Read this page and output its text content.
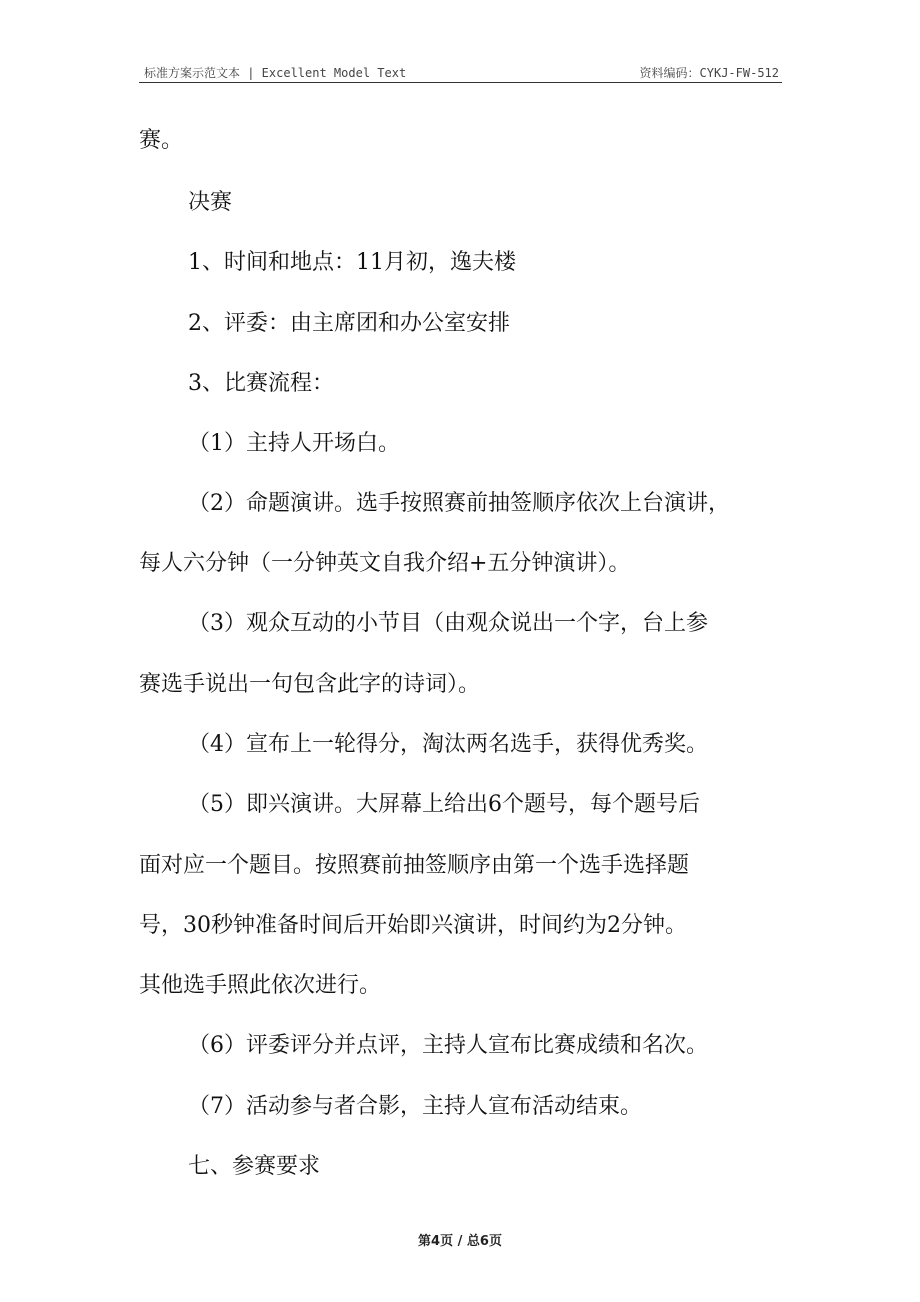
标准方案示范文本 | Excellent Model Text	资料编码：CYKJ-FW-512
赛。
决赛
1、时间和地点：11月初，逸夫楼
2、评委：由主席团和办公室安排
3、比赛流程：
（1）主持人开场白。
（2）命题演讲。选手按照赛前抽签顺序依次上台演讲，
每人六分钟（一分钟英文自我介绍+五分钟演讲）。
（3）观众互动的小节目（由观众说出一个字，台上参
赛选手说出一句包含此字的诗词）。
（4）宣布上一轮得分，淘汰两名选手，获得优秀奖。
（5）即兴演讲。大屏幕上给出6个题号，每个题号后
面对应一个题目。按照赛前抽签顺序由第一个选手选择题
号，30秒钟准备时间后开始即兴演讲，时间约为2分钟。
其他选手照此依次进行。
（6）评委评分并点评，主持人宣布比赛成绩和名次。
（7）活动参与者合影，主持人宣布活动结束。
七、参赛要求
第4页 / 总6页
